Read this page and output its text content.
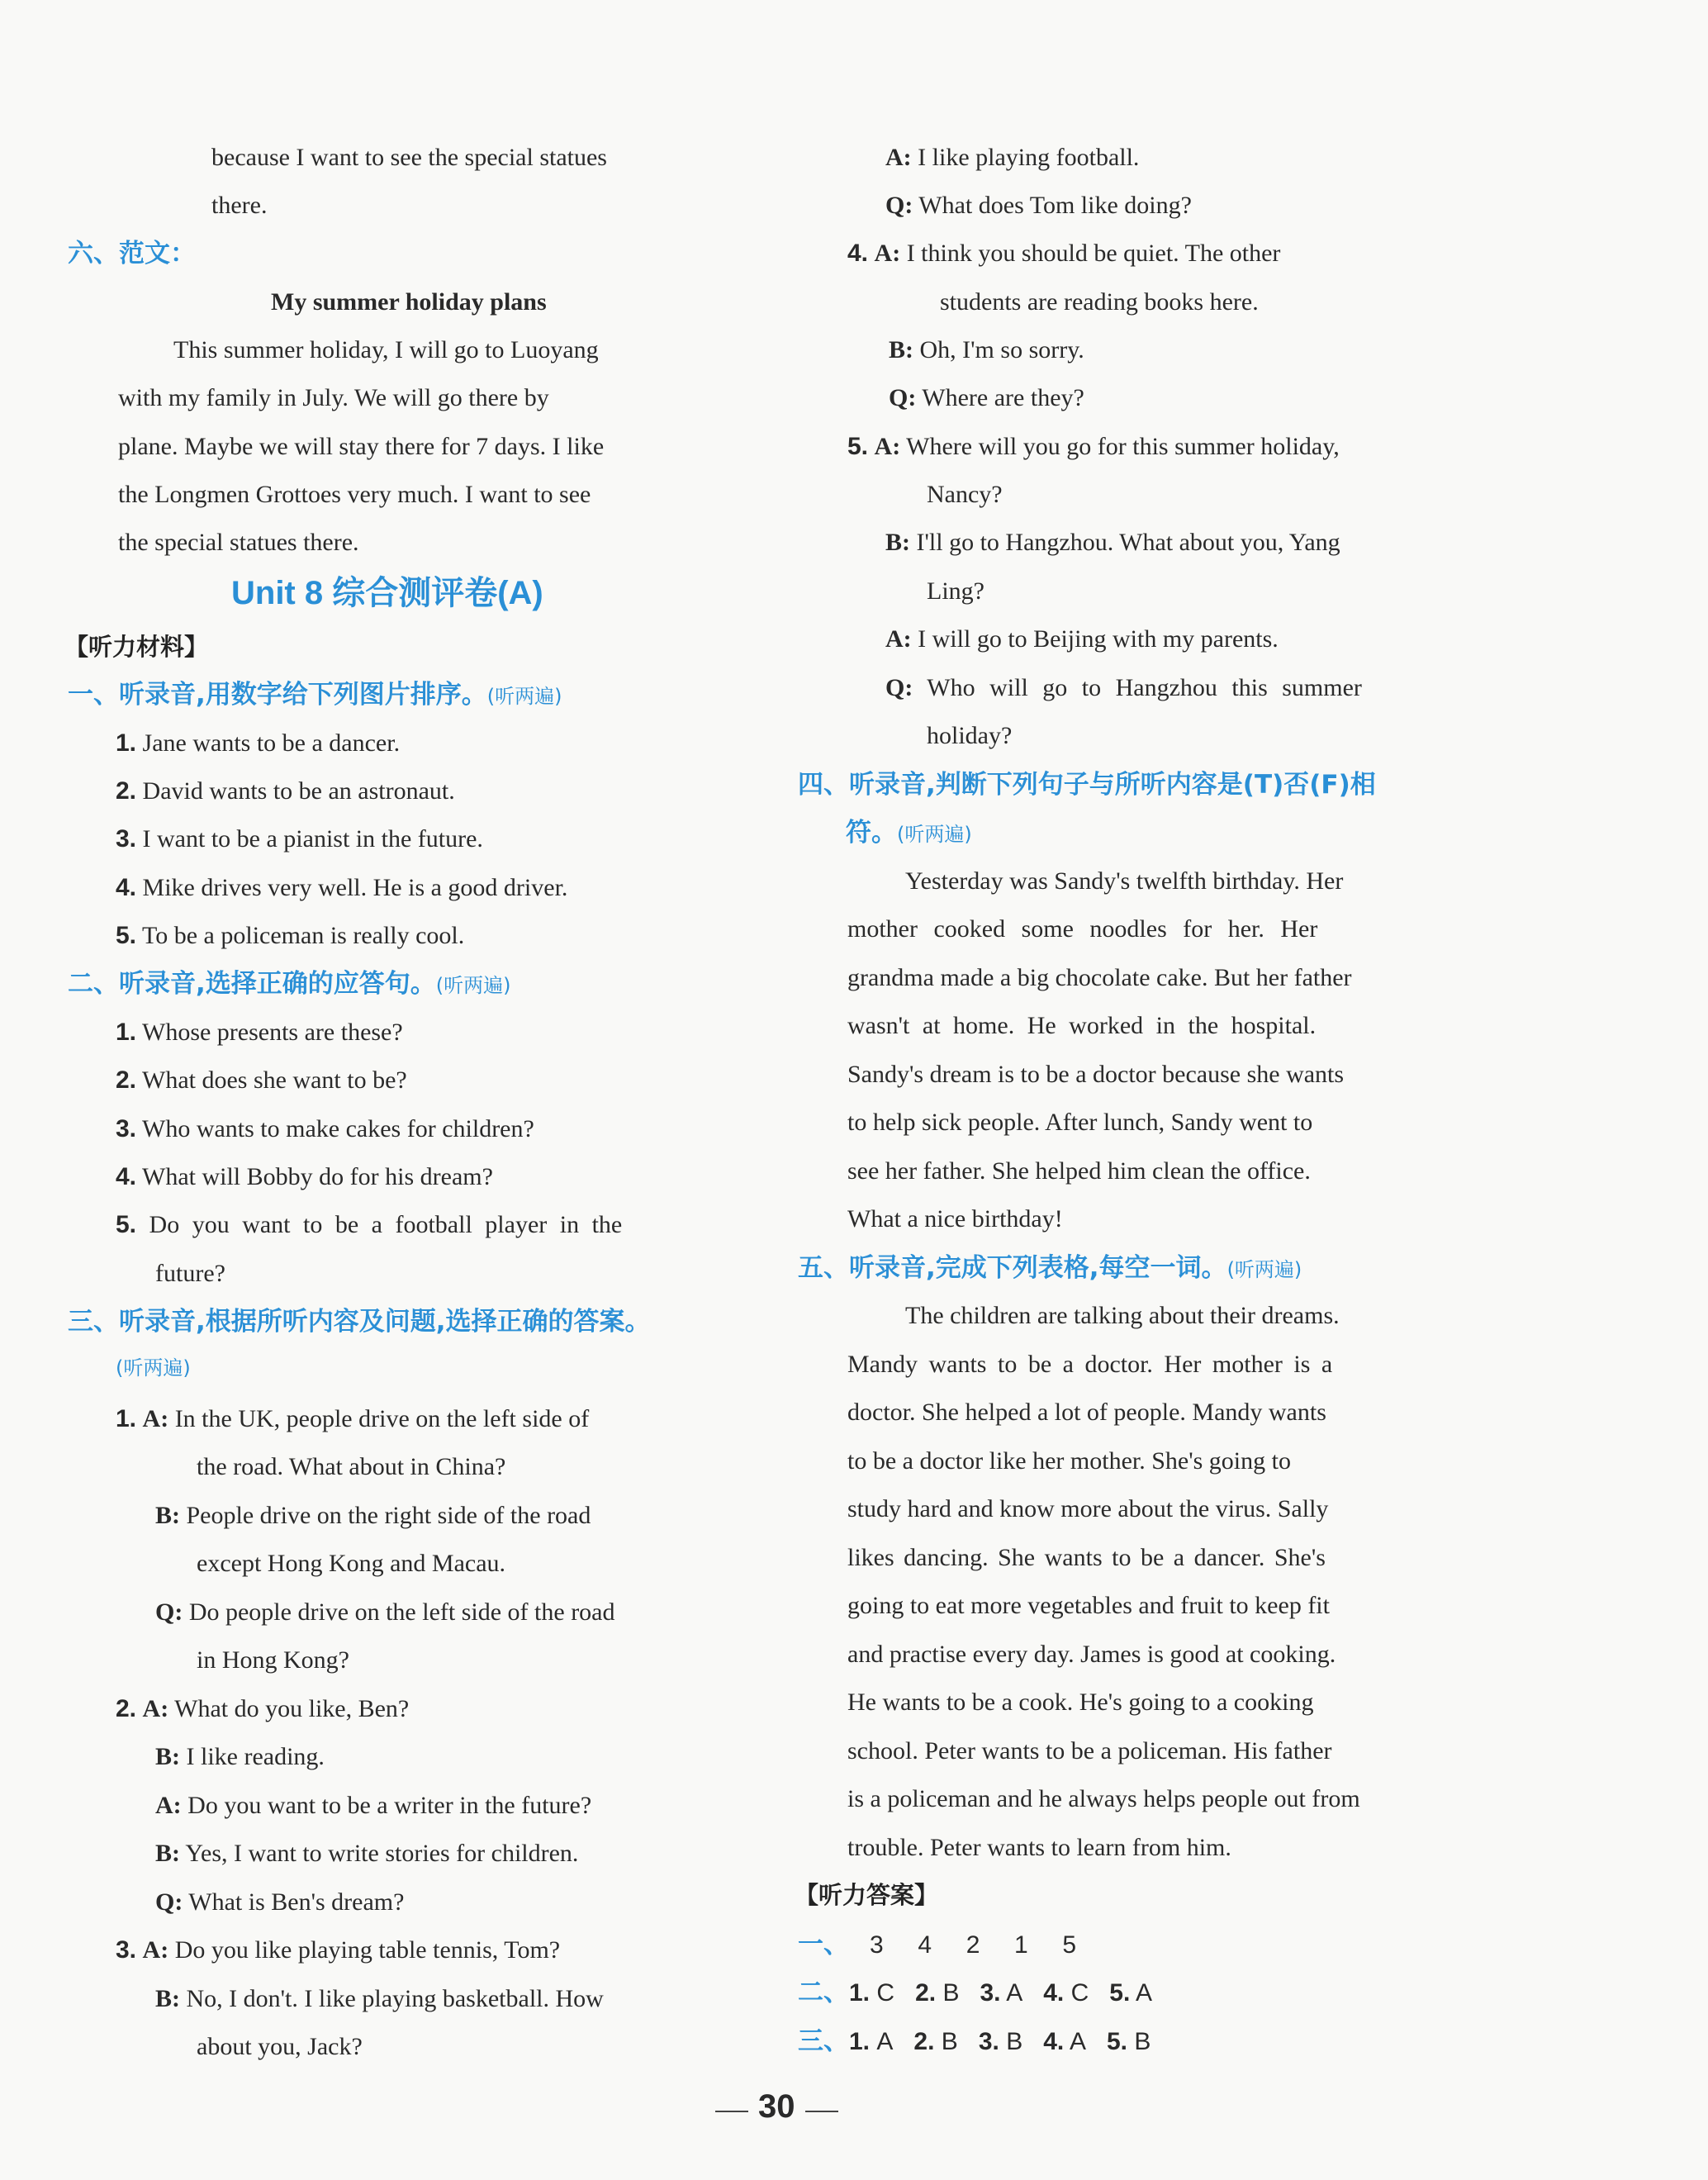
because I want to see the special statues
there.
六、范文：
My summer holiday plans
This summer holiday, I will go to Luoyang
with my family in July. We will go there by
plane. Maybe we will stay there for 7 days. I like
the Longmen Grottoes very much. I want to see
the special statues there.
Unit 8 综合测评卷(A)
【听力材料】
一、听录音,用数字给下列图片排序。(听两遍)
1. Jane wants to be a dancer.
2. David wants to be an astronaut.
3. I want to be a pianist in the future.
4. Mike drives very well. He is a good driver.
5. To be a policeman is really cool.
二、听录音,选择正确的应答句。(听两遍)
1. Whose presents are these?
2. What does she want to be?
3. Who wants to make cakes for children?
4. What will Bobby do for his dream?
5. Do you want to be a football player in the
future?
三、听录音,根据所听内容及问题,选择正确的答案。
(听两遍)
1. A: In the UK, people drive on the left side of
the road. What about in China?
B: People drive on the right side of the road
except Hong Kong and Macau.
Q: Do people drive on the left side of the road
in Hong Kong?
2. A: What do you like, Ben?
B: I like reading.
A: Do you want to be a writer in the future?
B: Yes, I want to write stories for children.
Q: What is Ben's dream?
3. A: Do you like playing table tennis, Tom?
B: No, I don't. I like playing basketball. How
about you, Jack?
A: I like playing football.
Q: What does Tom like doing?
4. A: I think you should be quiet. The other
students are reading books here.
B: Oh, I'm so sorry.
Q: Where are they?
5. A: Where will you go for this summer holiday,
Nancy?
B: I'll go to Hangzhou. What about you, Yang
Ling?
A: I will go to Beijing with my parents.
Q: Who will go to Hangzhou this summer
holiday?
四、听录音,判断下列句子与所听内容是(T)否(F)相
符。(听两遍)
Yesterday was Sandy's twelfth birthday. Her
mother cooked some noodles for her. Her
grandma made a big chocolate cake. But her father
wasn't at home. He worked in the hospital.
Sandy's dream is to be a doctor because she wants
to help sick people. After lunch, Sandy went to
see her father. She helped him clean the office.
What a nice birthday!
五、听录音,完成下列表格,每空一词。(听两遍)
The children are talking about their dreams.
Mandy wants to be a doctor. Her mother is a
doctor. She helped a lot of people. Mandy wants
to be a doctor like her mother. She's going to
study hard and know more about the virus. Sally
likes dancing. She wants to be a dancer. She's
going to eat more vegetables and fruit to keep fit
and practise every day. James is good at cooking.
He wants to be a cook. He's going to a cooking
school. Peter wants to be a policeman. His father
is a policeman and he always helps people out from
trouble. Peter wants to learn from him.
【听力答案】
一、 3 4 2 1 5
二、1. C 2. B 3. A 4. C 5. A
三、1. A 2. B 3. B 4. A 5. B
30
